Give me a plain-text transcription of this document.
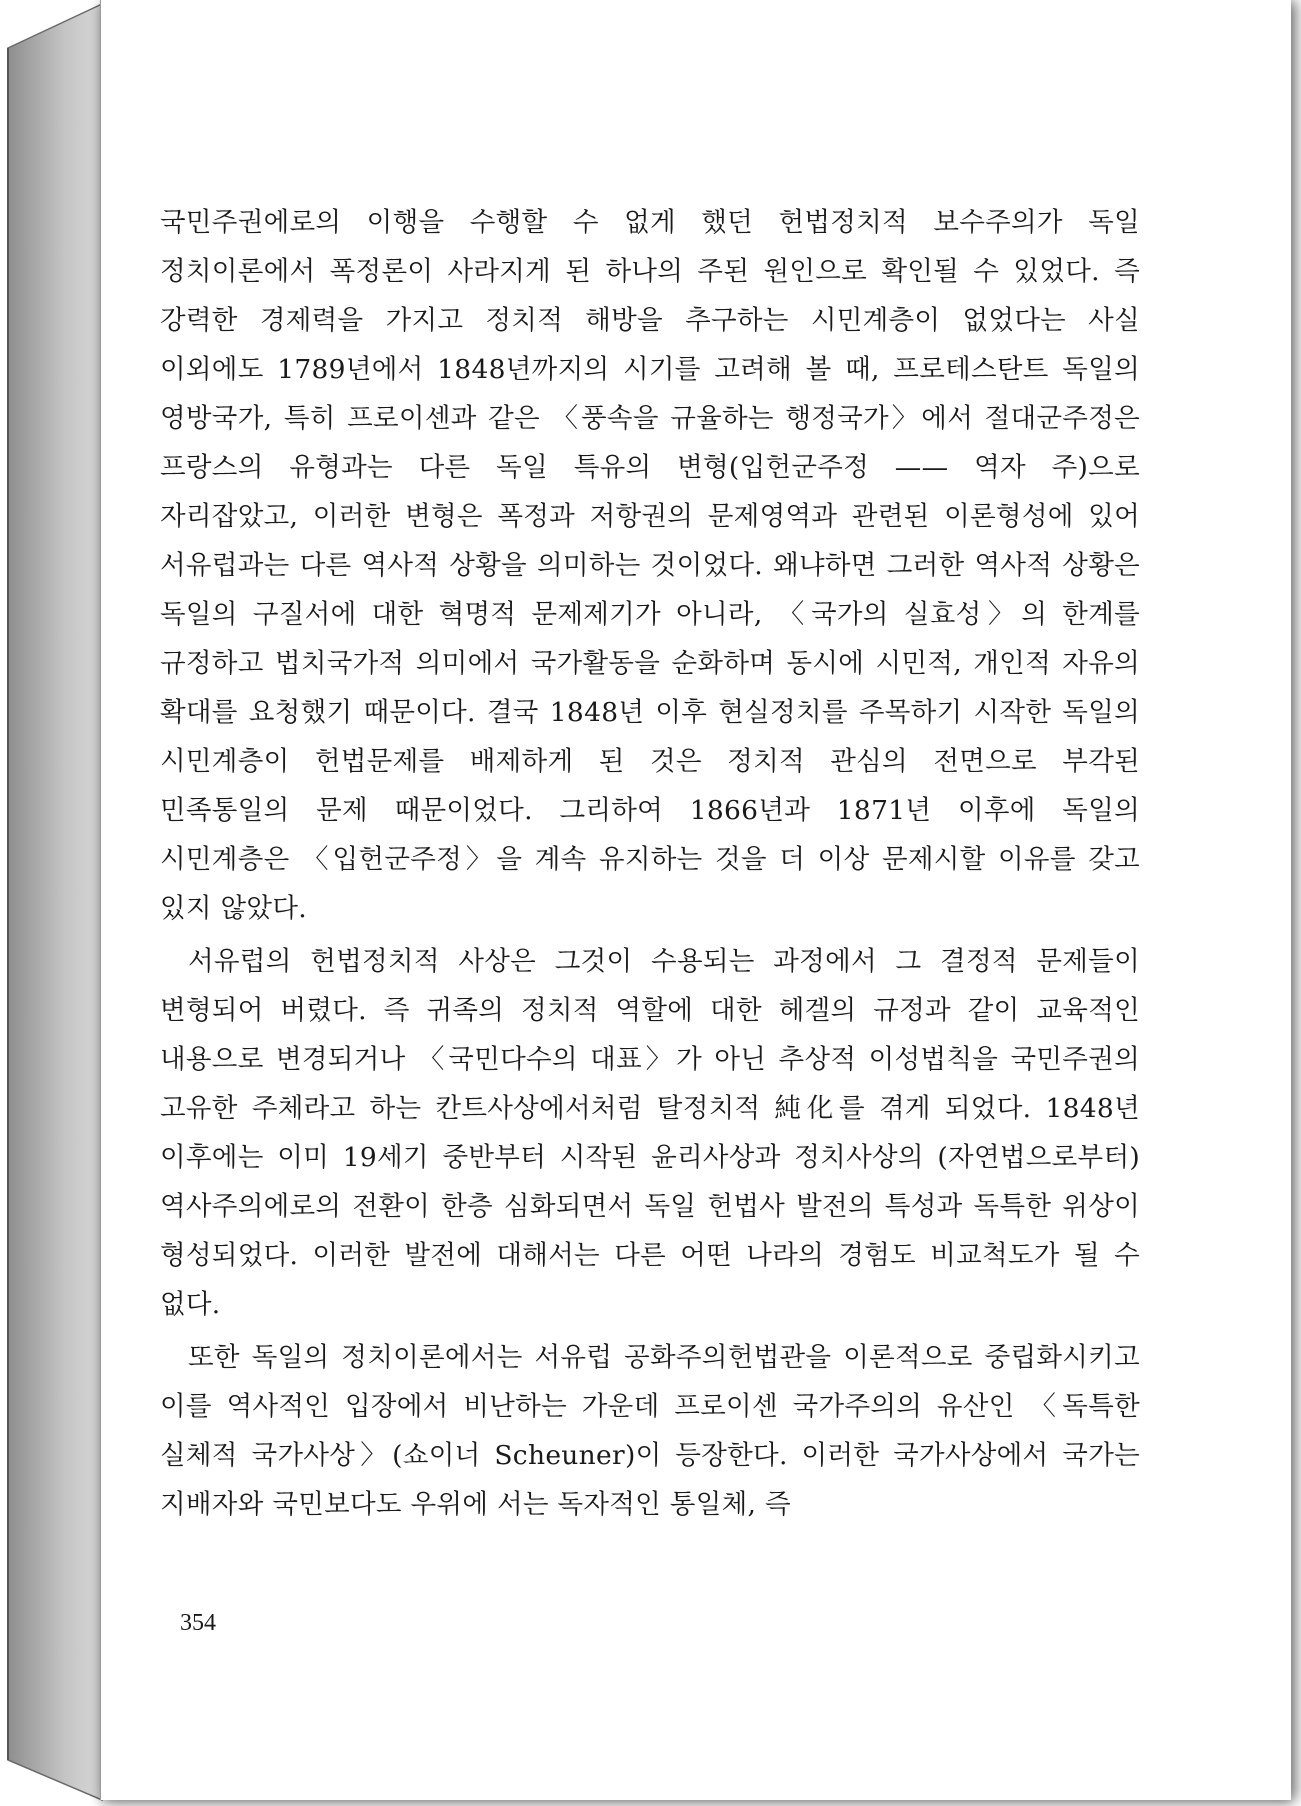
국민주권에로의 이행을 수행할 수 없게 했던 헌법정치적 보수주의가 독일 정치이론에서 폭정론이 사라지게 된 하나의 주된 원인으로 확인될 수 있었다. 즉 강력한 경제력을 가지고 정치적 해방을 추구하는 시민계층이 없었다는 사실 이외에도 1789년에서 1848년까지의 시기를 고려해 볼 때, 프로테스탄트 독일의 영방국가, 특히 프로이센과 같은 〈풍속을 규율하는 행정국가〉에서 절대군주정은 프랑스의 유형과는 다른 독일 특유의 변형(입헌군주정 —— 역자 주)으로 자리잡았고, 이러한 변형은 폭정과 저항권의 문제영역과 관련된 이론형성에 있어 서유럽과는 다른 역사적 상황을 의미하는 것이었다. 왜냐하면 그러한 역사적 상황은 독일의 구질서에 대한 혁명적 문제제기가 아니라, 〈국가의 실효성〉의 한계를 규정하고 법치국가적 의미에서 국가활동을 순화하며 동시에 시민적, 개인적 자유의 확대를 요청했기 때문이다. 결국 1848년 이후 현실정치를 주목하기 시작한 독일의 시민계층이 헌법문제를 배제하게 된 것은 정치적 관심의 전면으로 부각된 민족통일의 문제 때문이었다. 그리하여 1866년과 1871년 이후에 독일의 시민계층은 〈입헌군주정〉을 계속 유지하는 것을 더 이상 문제시할 이유를 갖고 있지 않았다.

서유럽의 헌법정치적 사상은 그것이 수용되는 과정에서 그 결정적 문제들이 변형되어 버렸다. 즉 귀족의 정치적 역할에 대한 헤겔의 규정과 같이 교육적인 내용으로 변경되거나 〈국민다수의 대표〉가 아닌 추상적 이성법칙을 국민주권의 고유한 주체라고 하는 칸트사상에서처럼 탈정치적 純化를 겪게 되었다. 1848년 이후에는 이미 19세기 중반부터 시작된 윤리사상과 정치사상의 (자연법으로부터) 역사주의에로의 전환이 한층 심화되면서 독일 헌법사 발전의 특성과 독특한 위상이 형성되었다. 이러한 발전에 대해서는 다른 어떤 나라의 경험도 비교척도가 될 수 없다.

또한 독일의 정치이론에서는 서유럽 공화주의헌법관을 이론적으로 중립화시키고 이를 역사적인 입장에서 비난하는 가운데 프로이센 국가주의의 유산인 〈독특한 실체적 국가사상〉(쇼이너 Scheuner)이 등장한다. 이러한 국가사상에서 국가는 지배자와 국민보다도 우위에 서는 독자적인 통일체, 즉

354
